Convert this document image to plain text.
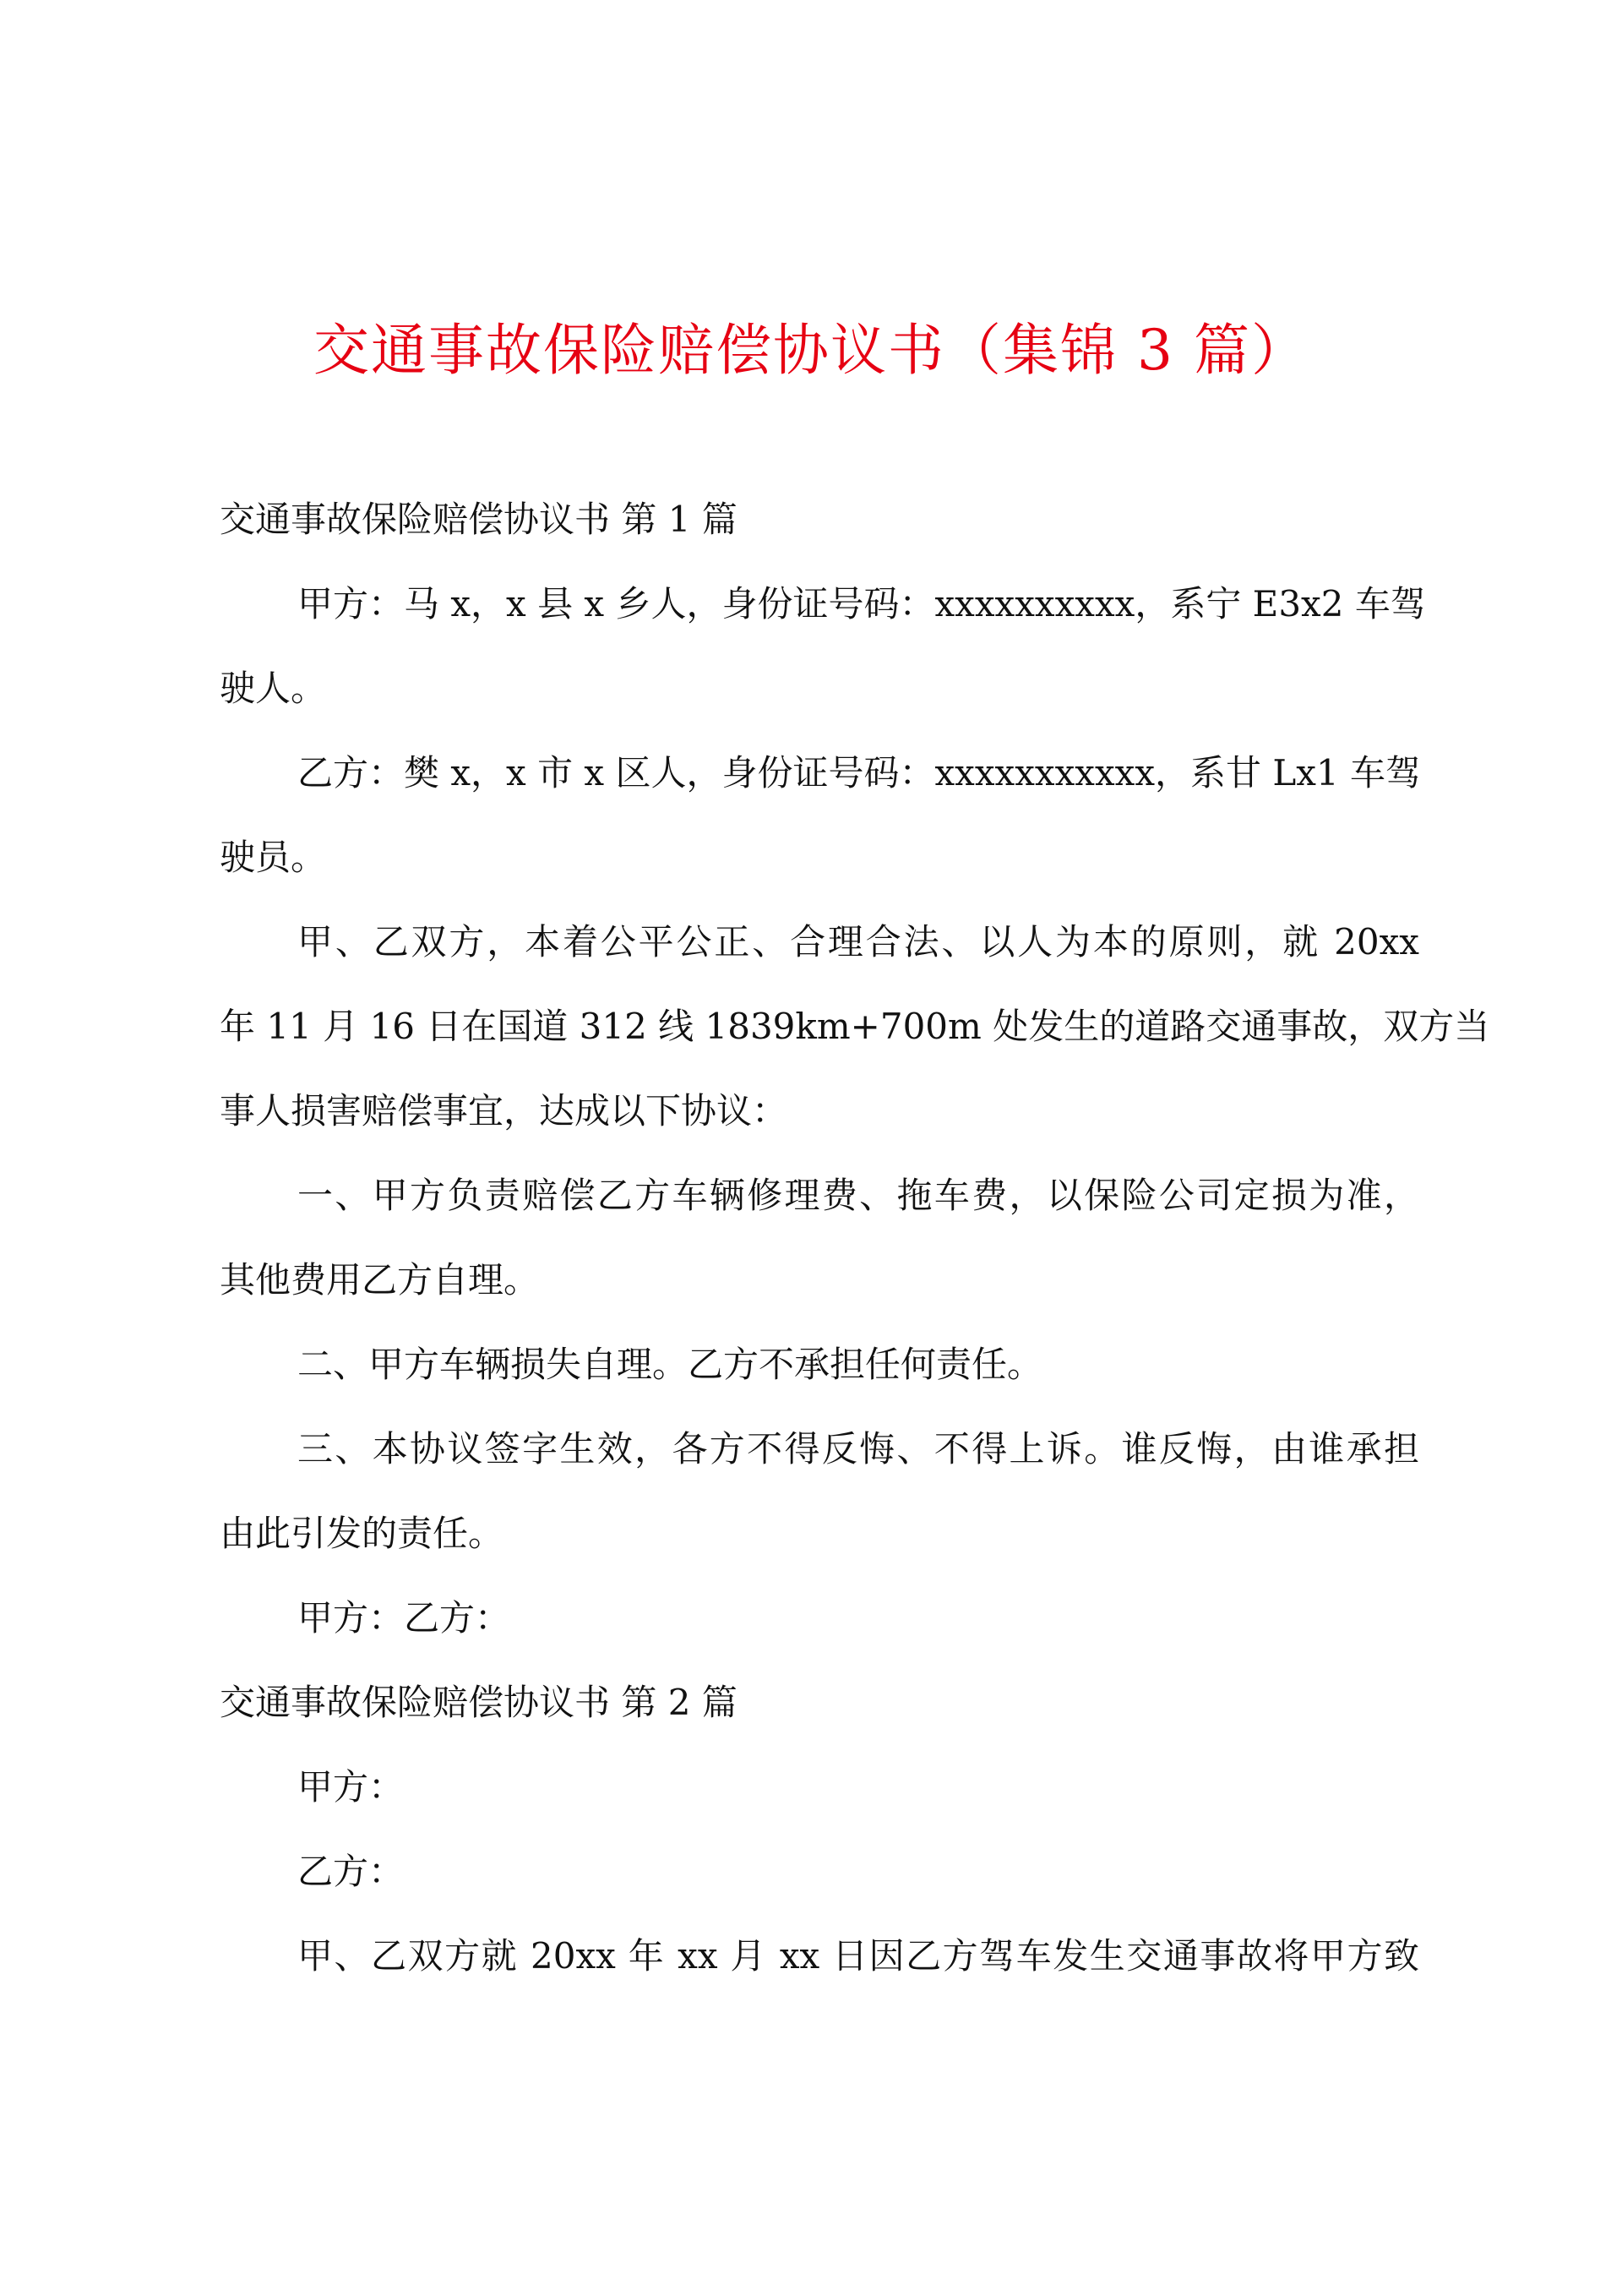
交通事故保险赔偿协议书（集锦 3 篇）

交通事故保险赔偿协议书 第 1 篇

甲方：马 x，x 县 x 乡人，身份证号码：xxxxxxxxxx，系宁 E3x2 车驾

驶人。

乙方：樊 x，x 市 x 区人，身份证号码：xxxxxxxxxxx，系甘 Lx1 车驾

驶员。

甲、乙双方，本着公平公正、合理合法、以人为本的原则，就 20xx

年 11 月 16 日在国道 312 线 1839km+700m 处发生的道路交通事故，双方当

事人损害赔偿事宜，达成以下协议：

一、甲方负责赔偿乙方车辆修理费、拖车费，以保险公司定损为准，

其他费用乙方自理。

二、甲方车辆损失自理。乙方不承担任何责任。

三、本协议签字生效，各方不得反悔、不得上诉。谁反悔，由谁承担

由此引发的责任。

甲方：乙方：

交通事故保险赔偿协议书 第 2 篇

甲方：

乙方：

甲、乙双方就 20xx 年 xx 月 xx 日因乙方驾车发生交通事故将甲方致
